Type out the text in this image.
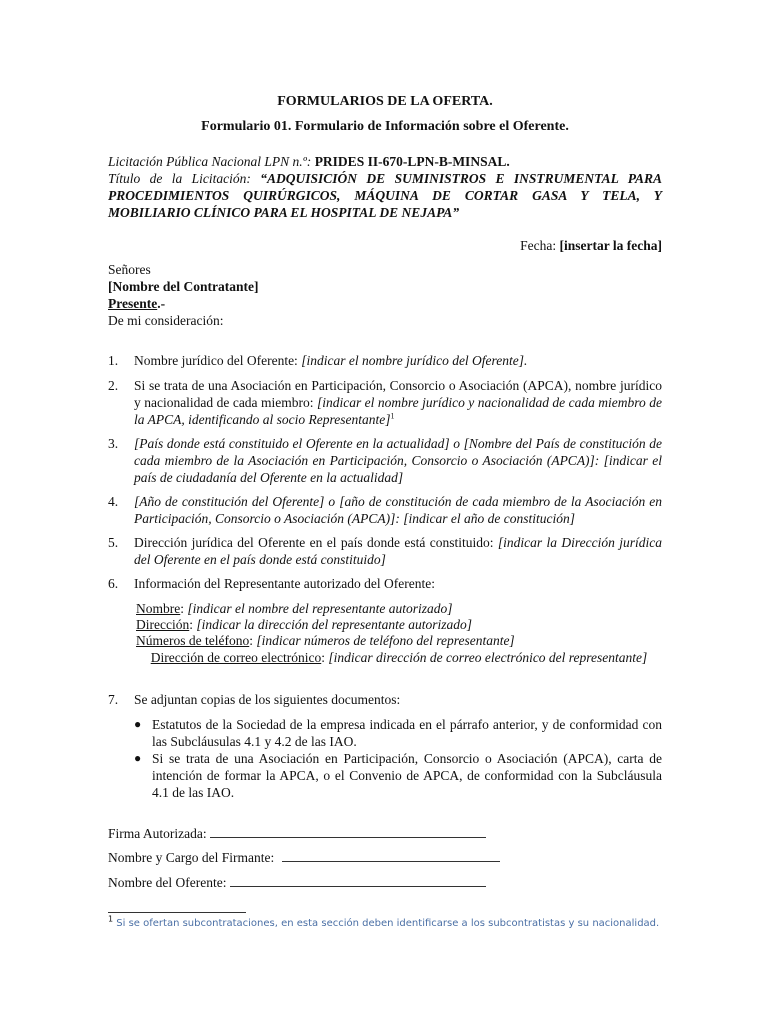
FORMULARIOS DE LA OFERTA.
Formulario 01. Formulario de Información sobre el Oferente.
Licitación Pública Nacional LPN n.º: PRIDES II-670-LPN-B-MINSAL.
Título de la Licitación: “ADQUISICIÓN DE SUMINISTROS E INSTRUMENTAL PARA PROCEDIMIENTOS QUIRÚRGICOS, MÁQUINA DE CORTAR GASA Y TELA, Y MOBILIARIO CLÍNICO PARA EL HOSPITAL DE NEJAPA”
Fecha: [insertar la fecha]
Señores
[Nombre del Contratante]
Presente.-
De mi consideración:
1. Nombre jurídico del Oferente: [indicar el nombre jurídico del Oferente].
2. Si se trata de una Asociación en Participación, Consorcio o Asociación (APCA), nombre jurídico y nacionalidad de cada miembro: [indicar el nombre jurídico y nacionalidad de cada miembro de la APCA, identificando al socio Representante]$^1$
3. [País donde está constituido el Oferente en la actualidad] o [Nombre del País de constitución de cada miembro de la Asociación en Participación, Consorcio o Asociación (APCA)]: [indicar el país de ciudadanía del Oferente en la actualidad]
4. [Año de constitución del Oferente] o [año de constitución de cada miembro de la Asociación en Participación, Consorcio o Asociación (APCA)]: [indicar el año de constitución]
5. Dirección jurídica del Oferente en el país donde está constituido: [indicar la Dirección jurídica del Oferente en el país donde está constituido]
6. Información del Representante autorizado del Oferente:
Nombre: [indicar el nombre del representante autorizado]
Dirección: [indicar la dirección del representante autorizado]
Números de teléfono: [indicar números de teléfono del representante]
Dirección de correo electrónico: [indicar dirección de correo electrónico del representante]
7. Se adjuntan copias de los siguientes documentos:
● Estatutos de la Sociedad de la empresa indicada en el párrafo anterior, y de conformidad con las Subcláusulas 4.1 y 4.2 de las IAO.
● Si se trata de una Asociación en Participación, Consorcio o Asociación (APCA), carta de intención de formar la APCA, o el Convenio de APCA, de conformidad con la Subcláusula 4.1 de las IAO.
Firma Autorizada:
Nombre y Cargo del Firmante:
Nombre del Oferente:
$^1$ Si se ofertan subcontrataciones, en esta sección deben identificarse a los subcontratistas y su nacionalidad.
